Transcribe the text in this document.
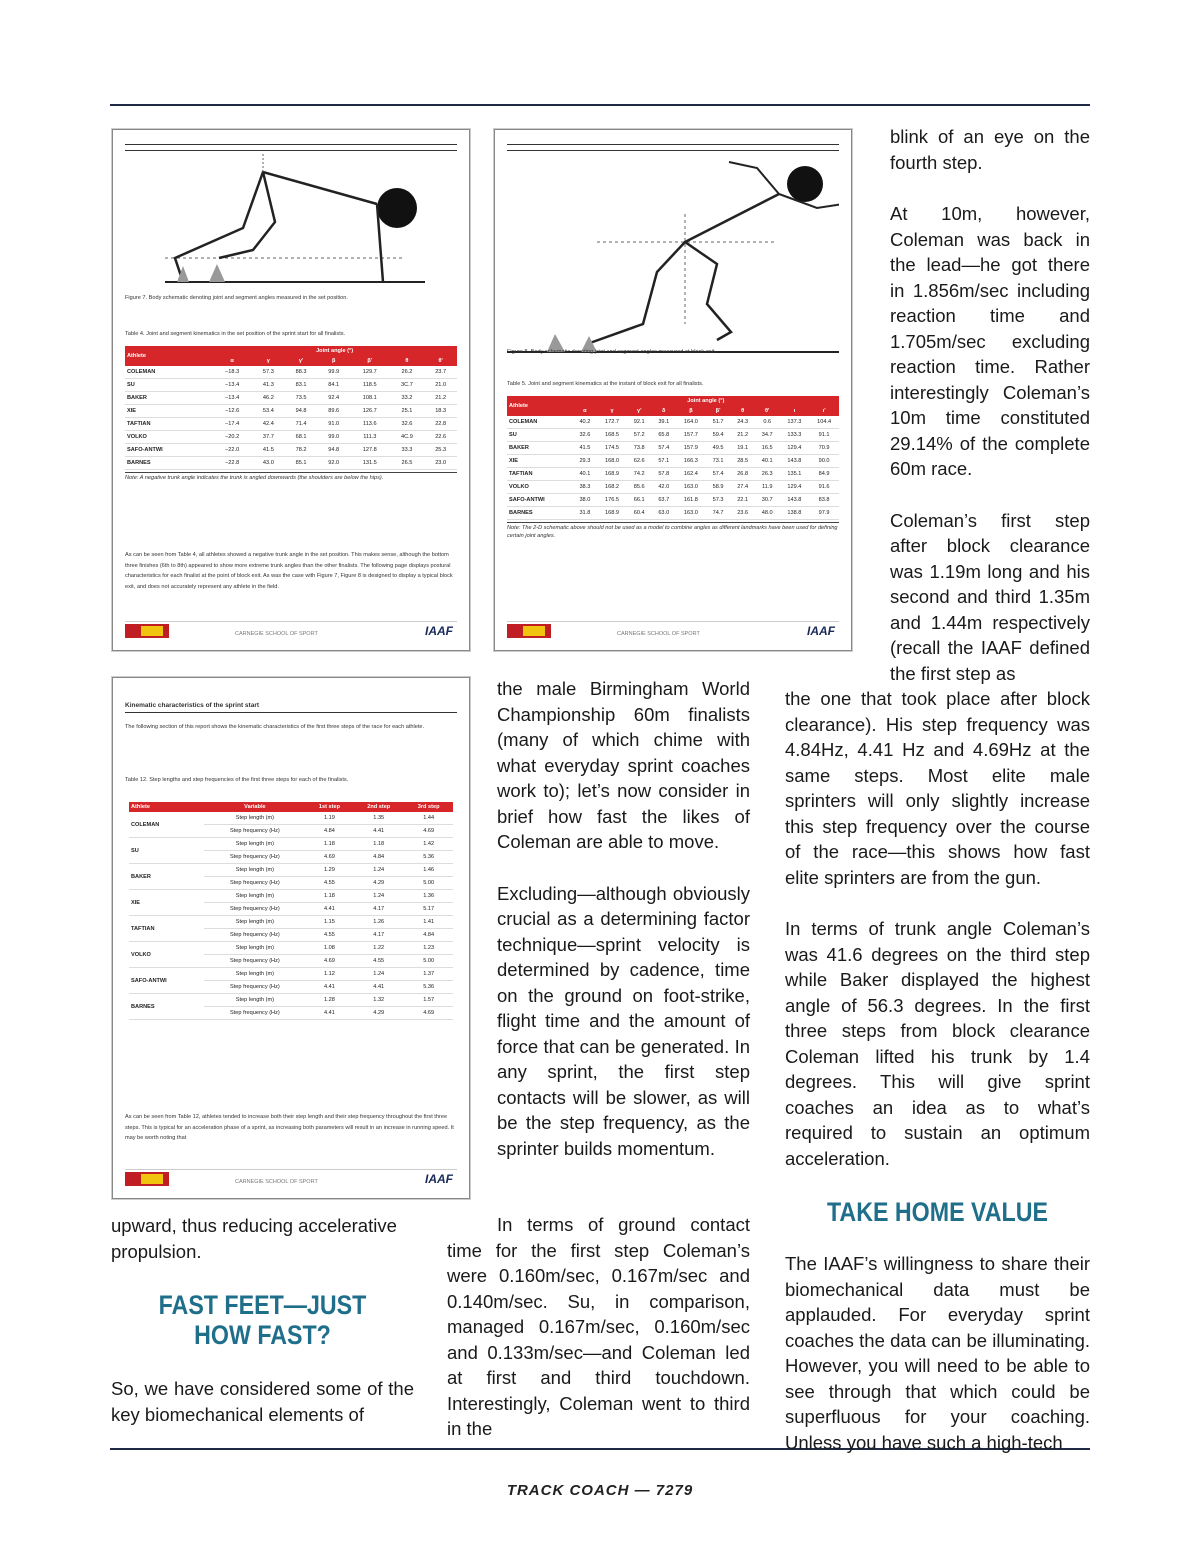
Figure 7. Body schematic denoting joint and segment angles measured in the set position.
Table 4. Joint and segment kinematics in the set position of the sprint start for all finalists.
Athlete	Joint angle (°)						
	α	γ	γ'	β	β'	θ	θ'
COLEMAN	−18.3	57.3	88.3	99.9	129.7	26.2	23.7
SU	−13.4	41.3	83.1	84.1	118.5	3C.7	21.0
BAKER	−13.4	46.2	73.5	92.4	108.1	33.2	21.2
XIE	−12.6	53.4	94.8	89.6	126.7	25.1	18.3
TAFTIAN	−17.4	42.4	71.4	91.0	113.6	32.6	22.8
VOLKO	−20.2	37.7	68.1	99.0	111.3	4C.9	22.6
SAFO-ANTWI	−22.0	41.5	78.2	94.8	127.8	33.3	25.3
BARNES	−22.8	43.0	85.1	92.0	131.5	26.5	23.0
Note: A negative trunk angle indicates the trunk is angled downwards (the shoulders are below the hips).
As can be seen from Table 4, all athletes showed a negative trunk angle in the set position. This makes sense, although the bottom three finishes (6th to 8th) appeared to show more extreme trunk angles than the other finalists. The following page displays postural characteristics for each finalist at the point of block exit. As was the case with Figure 7, Figure 8 is designed to display a typical block exit, and does not accurately represent any athlete in the field.
CARNEGIE SCHOOL OF SPORT	IAAF
Figure 8. Body schematic denoting joint and segment angles measured at block exit.
Table 5. Joint and segment kinematics at the instant of block exit for all finalists.
Athlete	Joint angle (°)									
	α	γ	γ'	δ	β	β'	θ	θ'	ι	ι'
COLEMAN	40.2	172.7	92.1	39.1	164.0	51.7	24.3	0.6	137.3	104.4
SU	32.6	168.5	57.2	65.8	157.7	59.4	21.2	34.7	133.3	91.1
BAKER	41.5	174.5	73.8	57.4	157.9	49.5	19.1	16.5	129.4	70.9
XIE	29.3	168.0	62.6	57.1	166.3	73.1	28.5	40.1	143.8	90.0
TAFTIAN	40.1	168.9	74.2	57.8	162.4	57.4	26.8	26.3	135.1	84.9
VOLKO	38.3	168.2	85.6	42.0	163.0	58.9	27.4	11.9	129.4	91.6
SAFO-ANTWI	38.0	176.5	66.1	63.7	161.8	57.3	22.1	30.7	143.8	83.8
BARNES	31.8	168.9	60.4	63.0	163.0	74.7	23.6	48.0	138.8	97.9
Note: The 2-D schematic above should not be used as a model to combine angles as different landmarks have been used for defining certain joint angles.
CARNEGIE SCHOOL OF SPORT	IAAF
Kinematic characteristics of the sprint start
The following section of this report shows the kinematic characteristics of the first three steps of the race for each athlete.
Table 12. Step lengths and step frequencies of the first three steps for each of the finalists.
Athlete	Variable	1st step	2nd step	3rd step
COLEMAN	Step length (m)	1.19	1.35	1.44
	Step frequency (Hz)	4.84	4.41	4.69
SU	Step length (m)	1.18	1.18	1.42
	Step frequency (Hz)	4.69	4.84	5.36
BAKER	Step length (m)	1.29	1.24	1.46
	Step frequency (Hz)	4.55	4.29	5.00
XIE	Step length (m)	1.18	1.24	1.36
	Step frequency (Hz)	4.41	4.17	5.17
TAFTIAN	Step length (m)	1.15	1.26	1.41
	Step frequency (Hz)	4.55	4.17	4.84
VOLKO	Step length (m)	1.08	1.22	1.23
	Step frequency (Hz)	4.69	4.55	5.00
SAFO-ANTWI	Step length (m)	1.12	1.24	1.37
	Step frequency (Hz)	4.41	4.41	5.36
BARNES	Step length (m)	1.28	1.32	1.57
	Step frequency (Hz)	4.41	4.29	4.69
As can be seen from Table 12, athletes tended to increase both their step length and their step frequency throughout the first three steps. This is typical for an acceleration phase of a sprint, as increasing both parameters will result in an increase in running speed. It may be worth noting that
CARNEGIE SCHOOL OF SPORT	IAAF

blink of an eye on the fourth step.

At 10m, however, Coleman was back in the lead—he got there in 1.856m/sec including reaction time and 1.705m/sec excluding reaction time. Rather interestingly Coleman’s 10m time constituted 29.14% of the complete 60m race.

Coleman’s first step after block clearance was 1.19m long and his second and third 1.35m and 1.44m respectively (recall the IAAF defined the first step as

the one that took place after block clearance). His step frequency was 4.84Hz, 4.41 Hz and 4.69Hz at the same steps. Most elite male sprinters will only slightly increase this step frequency over the course of the race—this shows how fast elite sprinters are from the gun.

In terms of trunk angle Coleman’s was 41.6 degrees on the third step while Baker displayed the highest angle of 56.3 degrees. In the first three steps from block clearance Coleman lifted his trunk by 1.4 degrees. This will give sprint coaches an idea as to what’s required to sustain an optimum acceleration.

TAKE HOME VALUE

The IAAF’s willingness to share their biomechanical data must be applauded. For everyday sprint coaches the data can be illuminating. However, you will need to be able to see through that which could be superfluous for your coaching. Unless you have such a high-tech

the male Birmingham World Championship 60m finalists (many of which chime with what everyday sprint coaches work to); let’s now consider in brief how fast the likes of Coleman are able to move.

Excluding—although obviously crucial as a determining factor technique—sprint velocity is determined by cadence, time on the ground on foot-strike, flight time and the amount of force that can be generated. In any sprint, the first step contacts will be slower, as will be the step frequency, as the sprinter builds momentum.

In terms of ground contact time for the first step Coleman’s were 0.160m/sec, 0.167m/sec and 0.140m/sec. Su, in comparison, managed 0.167m/sec, 0.160m/sec and 0.133m/sec—and Coleman led at first and third touchdown. Interestingly, Coleman went to third in the

upward, thus reducing accelerative propulsion.

FAST FEET—JUST HOW FAST?

So, we have considered some of the key biomechanical elements of

TRACK COACH — 7279
